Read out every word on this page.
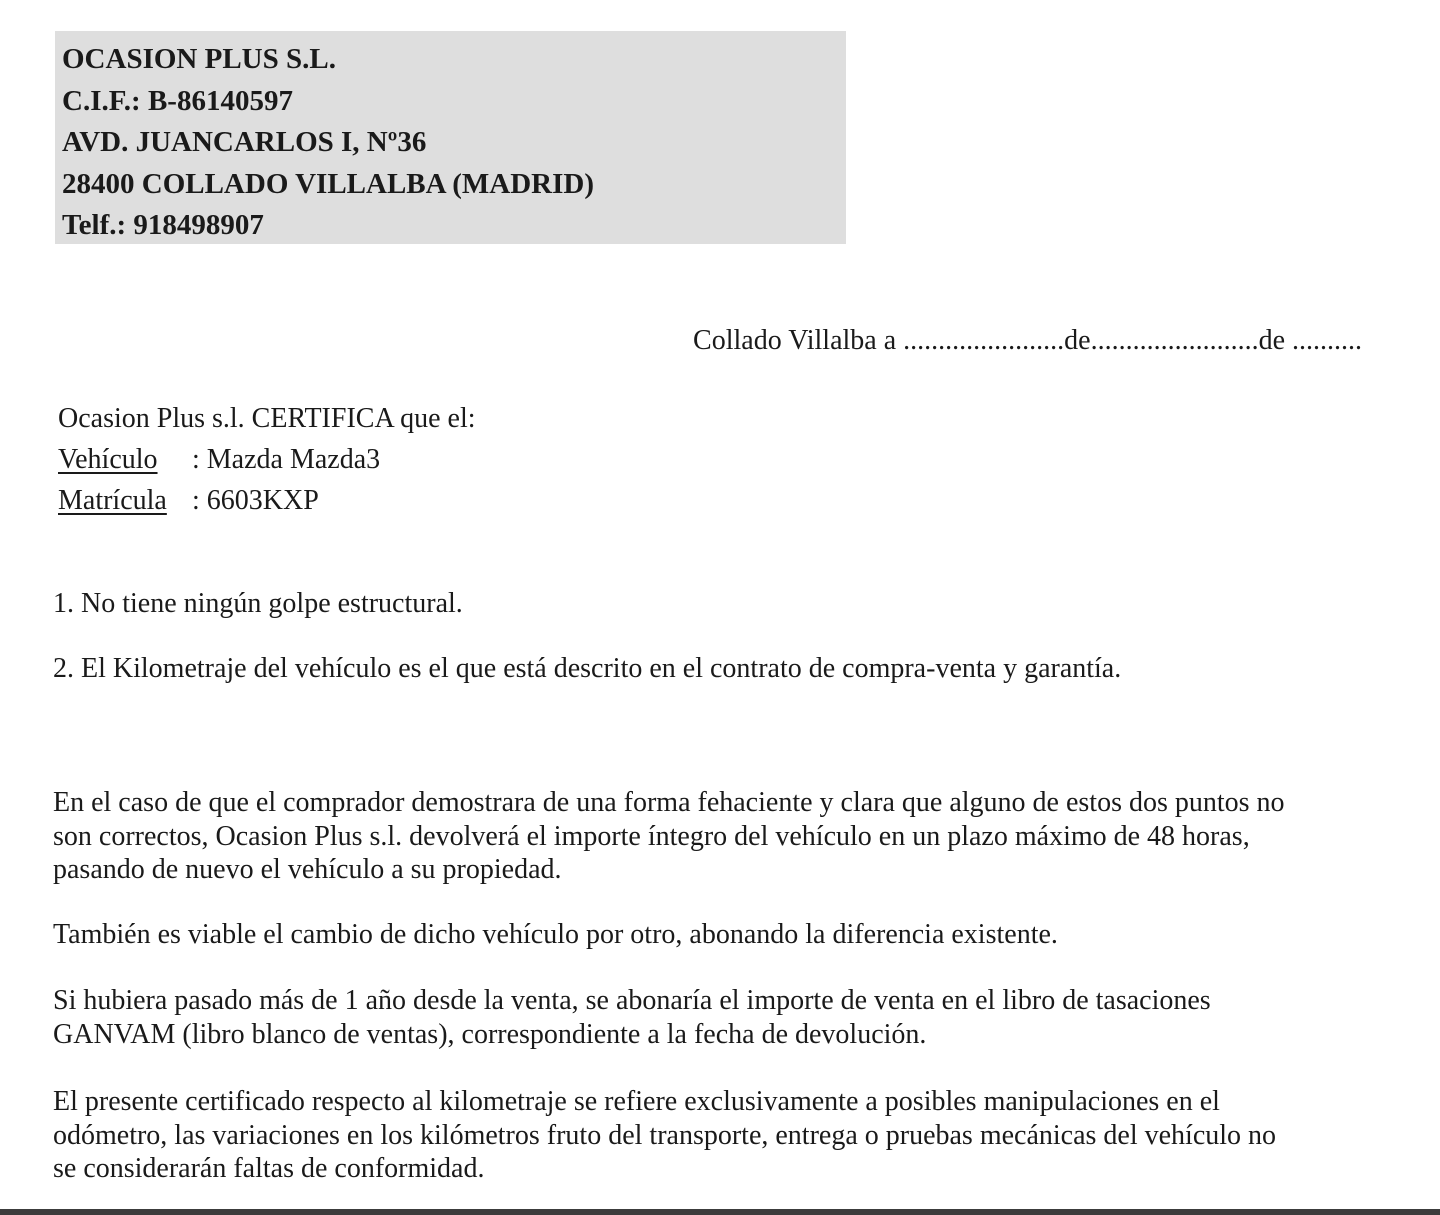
OCASION PLUS S.L.
C.I.F.: B-86140597
AVD. JUANCARLOS I, Nº36
28400 COLLADO VILLALBA (MADRID)
Telf.: 918498907
Collado Villalba a .......................de........................de ..........
Ocasion Plus s.l. CERTIFICA que el:
Vehículo : Mazda Mazda3
Matrícula : 6603KXP
1. No tiene ningún golpe estructural.
2. El Kilometraje del vehículo es el que está descrito en el contrato de compra-venta y garantía.
En el caso de que el comprador demostrara de una forma fehaciente y clara que alguno de estos dos puntos no
son correctos, Ocasion Plus s.l. devolverá el importe íntegro del vehículo en un plazo máximo de 48 horas,
pasando de nuevo el vehículo a su propiedad.
También es viable el cambio de dicho vehículo por otro, abonando la diferencia existente.
Si hubiera pasado más de 1 año desde la venta, se abonaría el importe de venta en el libro de tasaciones
GANVAM (libro blanco de ventas), correspondiente a la fecha de devolución.
El presente certificado respecto al kilometraje se refiere exclusivamente a posibles manipulaciones en el
odómetro, las variaciones en los kilómetros fruto del transporte, entrega o pruebas mecánicas del vehículo no
se considerarán faltas de conformidad.
